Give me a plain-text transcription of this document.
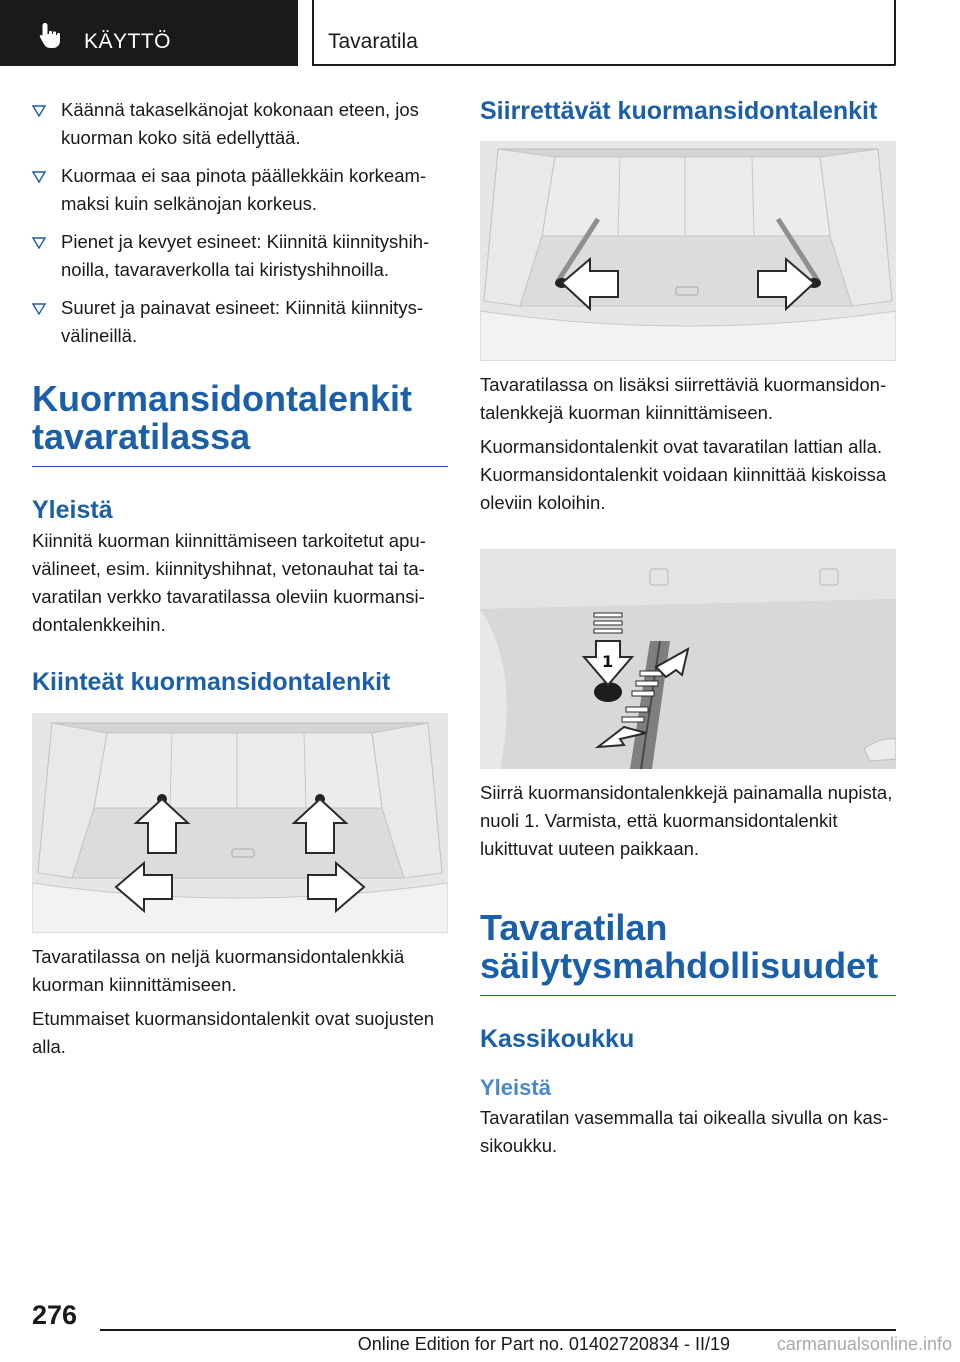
KÄYTTÖ	Tavaratila
Käännä takaselkänojat kokonaan eteen, jos kuorman koko sitä edellyttää.
Kuormaa ei saa pinota päällekkäin korkeammaksi kuin selkänojan korkeus.
Pienet ja kevyet esineet: Kiinnitä kiinnityshihnoilla, tavaraverkolla tai kiristyshihnoilla.
Suuret ja painavat esineet: Kiinnitä kiinnitysvälineillä.
Kuormansidontalenkit tavaratilassa
Yleistä
Kiinnitä kuorman kiinnittämiseen tarkoitetut apuvälineet, esim. kiinnityshihnat, vetonauhat tai tavaratilan verkko tavaratilassa oleviin kuormansidontalenkkeihin.
Kiinteät kuormansidontalenkit
Tavaratilassa on neljä kuormansidontalenkkiä kuorman kiinnittämiseen.
Etummaiset kuormansidontalenkit ovat suojusten alla.
Siirrettävät kuormansidontalenkit
Tavaratilassa on lisäksi siirrettäviä kuormansidontalenkkejä kuorman kiinnittämiseen.
Kuormansidontalenkit ovat tavaratilan lattian alla. Kuormansidontalenkit voidaan kiinnittää kiskoissa oleviin koloihin.
1
Siirrä kuormansidontalenkkejä painamalla nupista, nuoli 1. Varmista, että kuormansidontalenkit lukittuvat uuteen paikkaan.
Tavaratilan säilytysmahdollisuudet
Kassikoukku
Yleistä
Tavaratilan vasemmalla tai oikealla sivulla on kassikoukku.
276
Online Edition for Part no. 01402720834 - II/19	carmanualsonline.info
